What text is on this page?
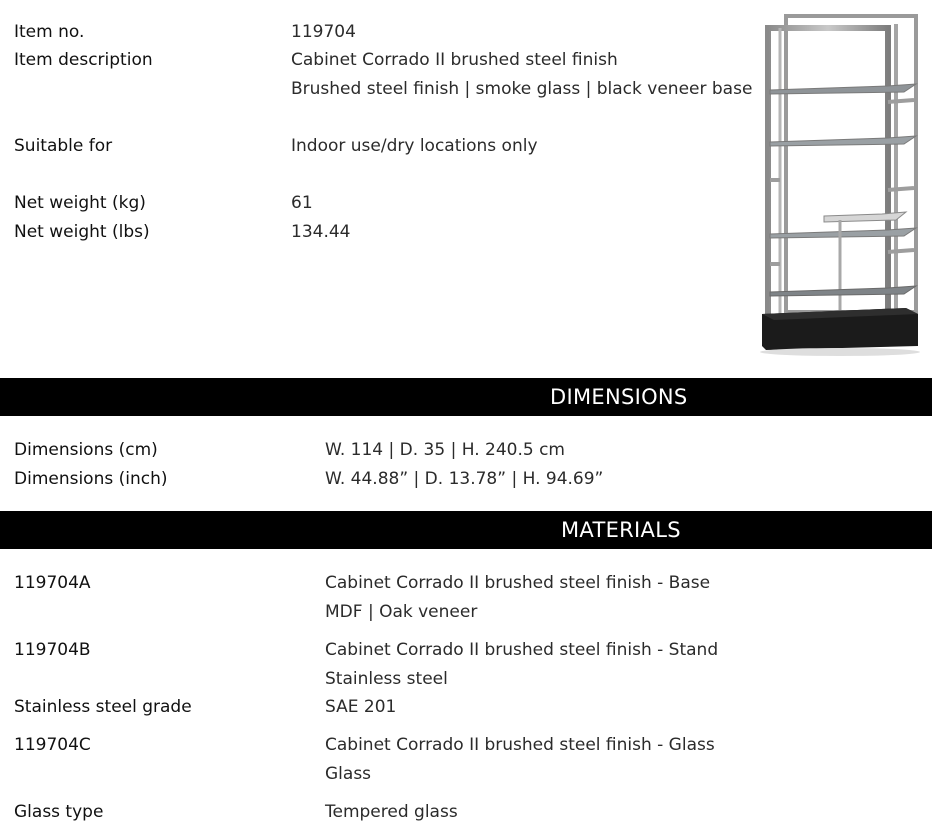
Item no.	119704
Item description	Cabinet Corrado II brushed steel finish
Brushed steel finish | smoke glass | black veneer base
Suitable for	Indoor use/dry locations only
Net weight (kg)	61
Net weight (lbs)	134.44
DIMENSIONS
Dimensions (cm)	W. 114 | D. 35 | H. 240.5 cm
Dimensions (inch)	W. 44.88” | D. 13.78” | H. 94.69”
MATERIALS
119704A	Cabinet Corrado II brushed steel finish - Base
MDF | Oak veneer
119704B	Cabinet Corrado II brushed steel finish - Stand
Stainless steel
Stainless steel grade	SAE 201
119704C	Cabinet Corrado II brushed steel finish - Glass
Glass
Glass type	Tempered glass
